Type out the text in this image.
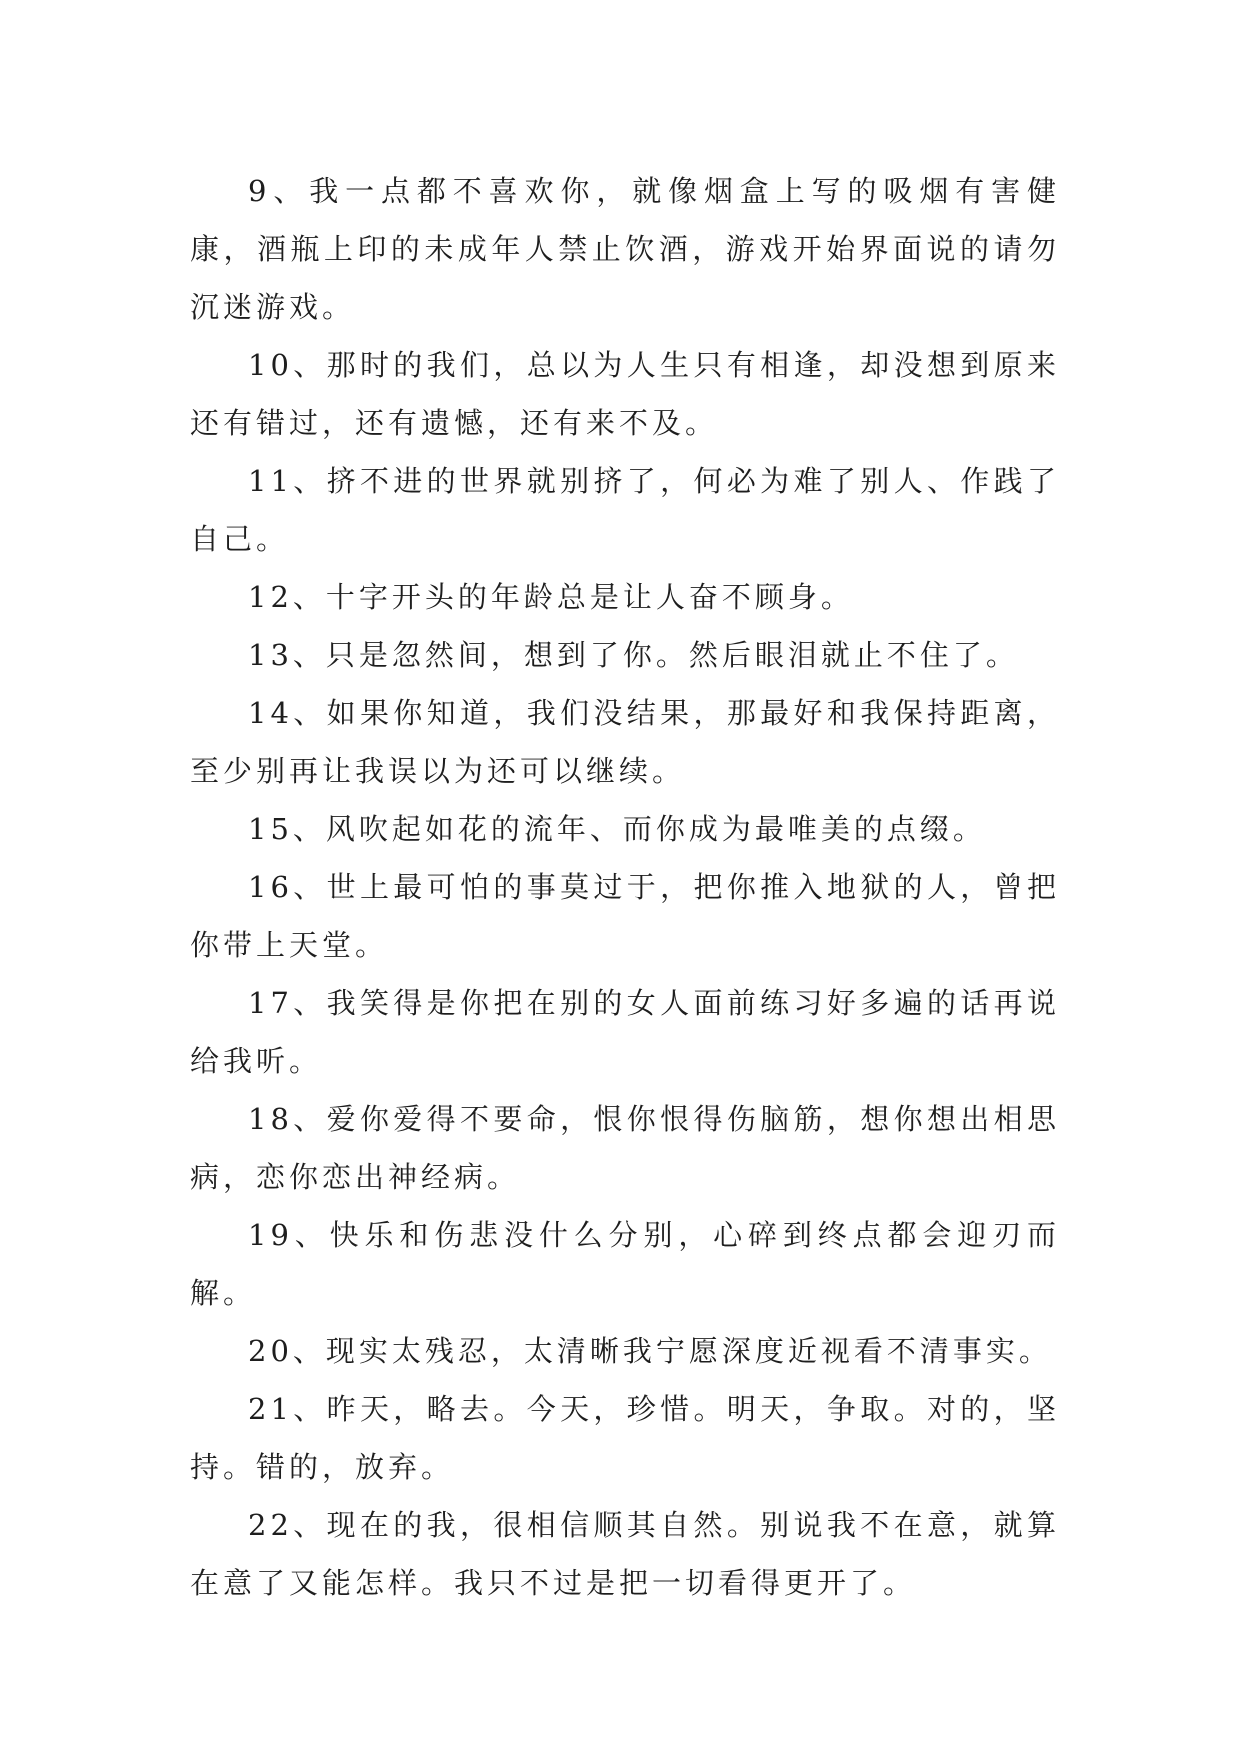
9、我一点都不喜欢你，就像烟盒上写的吸烟有害健康，酒瓶上印的未成年人禁止饮酒，游戏开始界面说的请勿沉迷游戏。

10、那时的我们，总以为人生只有相逢，却没想到原来还有错过，还有遗憾，还有来不及。

11、挤不进的世界就别挤了，何必为难了别人、作践了自己。

12、十字开头的年龄总是让人奋不顾身。

13、只是忽然间，想到了你。然后眼泪就止不住了。

14、如果你知道，我们没结果，那最好和我保持距离，至少别再让我误以为还可以继续。

15、风吹起如花的流年、而你成为最唯美的点缀。

16、世上最可怕的事莫过于，把你推入地狱的人，曾把你带上天堂。

17、我笑得是你把在别的女人面前练习好多遍的话再说给我听。

18、爱你爱得不要命，恨你恨得伤脑筋，想你想出相思病，恋你恋出神经病。

19、快乐和伤悲没什么分别，心碎到终点都会迎刃而解。

20、现实太残忍，太清晰我宁愿深度近视看不清事实。

21、昨天，略去。今天，珍惜。明天，争取。对的，坚持。错的，放弃。

22、现在的我，很相信顺其自然。别说我不在意，就算在意了又能怎样。我只不过是把一切看得更开了。
